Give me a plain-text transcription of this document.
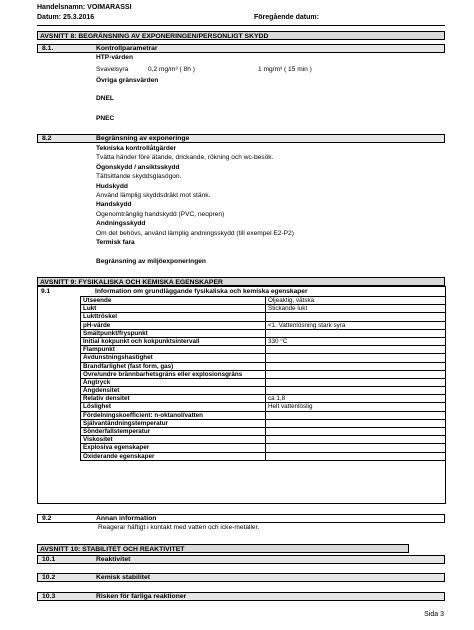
Handelsnamn: VOIMARASSI
Datum: 25.3.2016	Föregående datum:
AVSNITT 8: BEGRÄNSNING AV EXPONERINGEN/PERSONLIGT SKYDD
8.1.	Kontrollparametrar
HTP-värden
Svavelsyra	0,2 mg/m³ ( 8h )	1 mg/m³ ( 15 min )
Övriga gränsvärden
DNEL
PNEC
8.2	Begränsning av exponeringe
Tekniska kontrollåtgärder
Tvätta händer före ätande, drickande, rökning och wc-besök.
Ögonskydd / ansiktsskydd
Tättsittande skyddsglasögon.
Hudskydd
Använd lämplig skyddsdräkt mot stänk.
Handskydd
Ogenomtränglig handskydd (PVC, neopren)
Andningsskydd
Om det behövs, använd lämplig andningsskydd (till exempel E2-P2)
Termisk fara
Begränsning av miljöexponeringen
AVSNITT 9: FYSIKALISKA OCH KEMISKA EGENSKAPER
9.1	Information om grundläggande fysikaliska och kemiska egenskaper
Utseende	Oljeaktig, vätska
Lukt	Stickande lukt
Lukttröskel	
pH-värde	<1. Vattenlösning stark syra
Smältpunkt/fryspunkt	
Initial kokpunkt och kokpunktsintervall	330 °C
Flampunkt	
Avdunstningshastighet	
Brandfarlighet (fast form, gas)	
Övre/undre brännbarhetsgräns eller explosionsgräns	
Ångtryck	
Ångdensitet	
Relativ densitet	ca 1,8
Löslighet	Helt vattenlöslig
Fördelningskoefficient: n-oktanol/vatten	
Självantändningstemperatur	
Sönderfallstemperatur	
Viskositet	
Explosiva egenskaper	
Oxiderande egenskaper	
9.2	Annan information
Reagerar häftigt i kontakt med vatten och icke-metaller.
AVSNITT 10: STABILITET OCH REAKTIVITET
10.1	Reaktivitet
10.2	Kemisk stabilitet
10.3	Risken för farliga reaktioner
Sida 3
